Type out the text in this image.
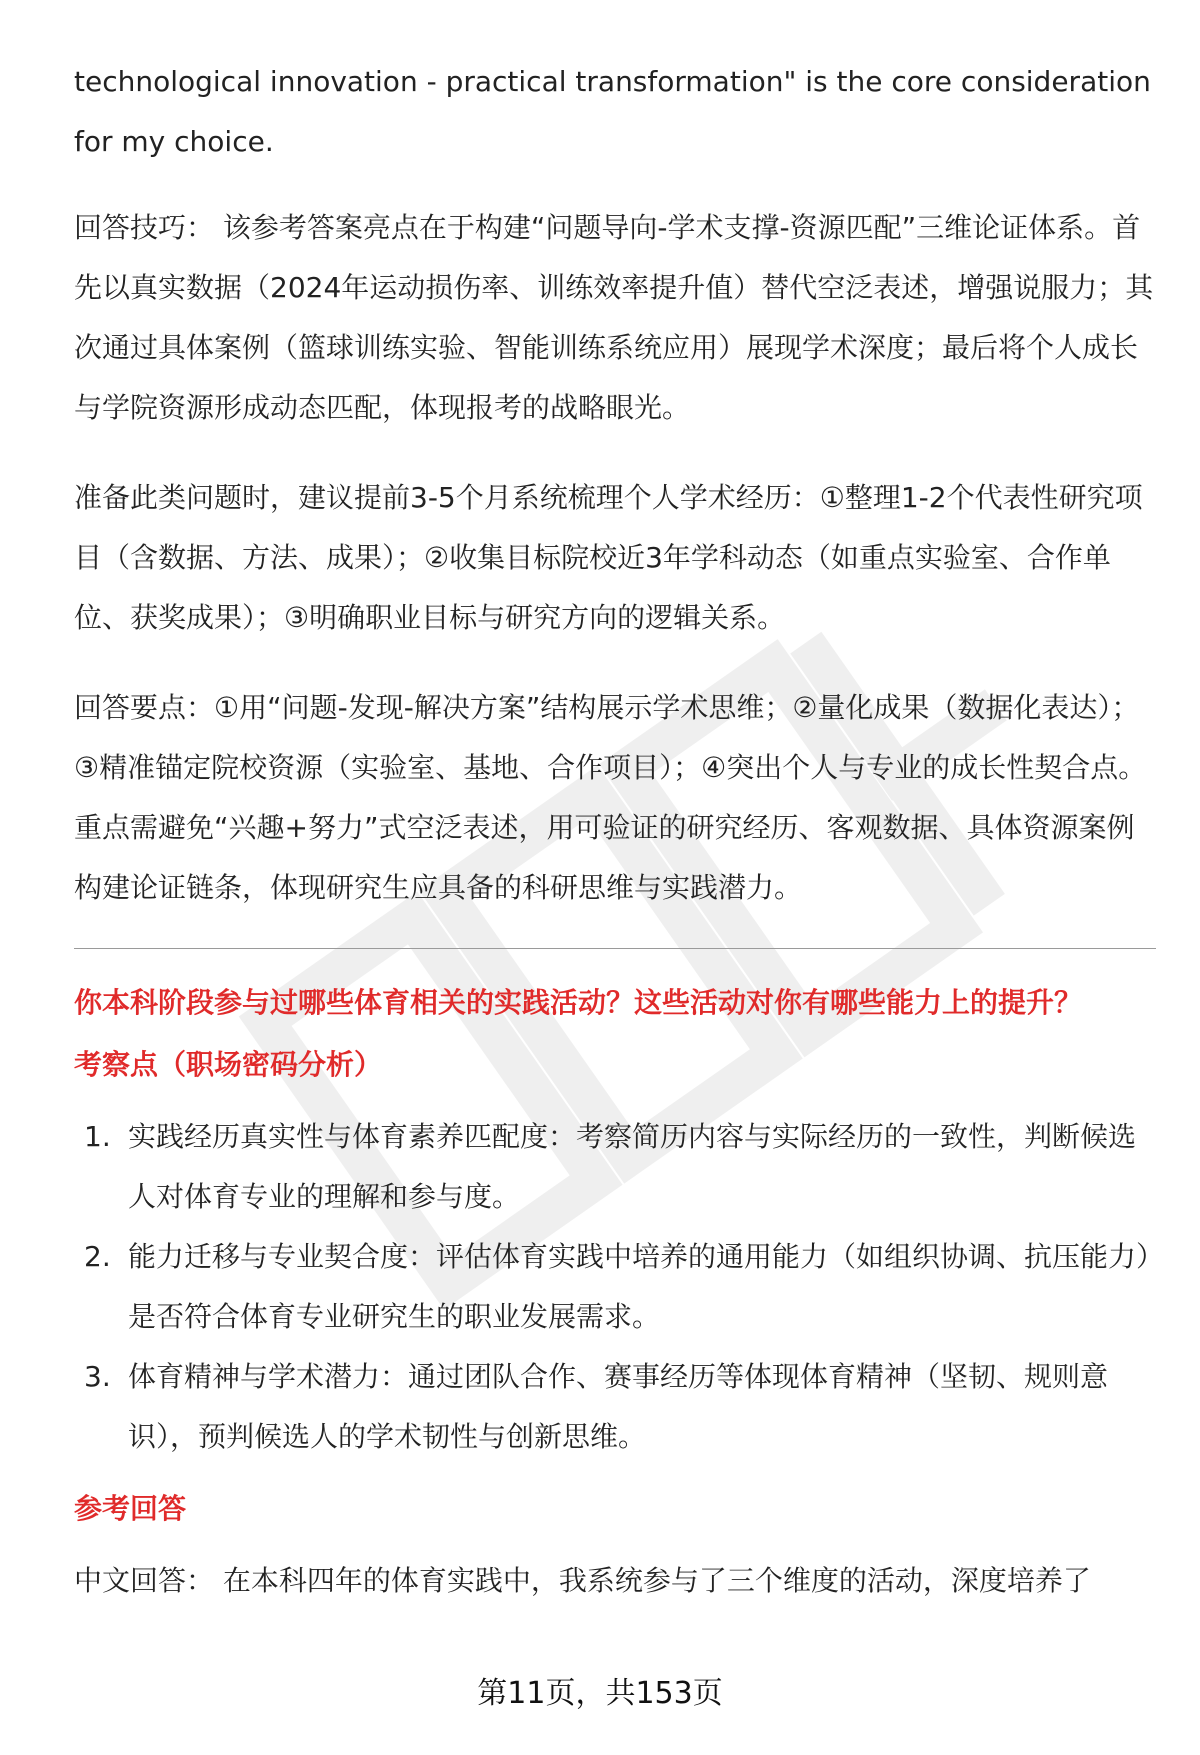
technological innovation - practical transformation" is the core consideration for my choice.

回答技巧： 该参考答案亮点在于构建“问题导向-学术支撑-资源匹配”三维论证体系。首先以真实数据（2024年运动损伤率、训练效率提升值）替代空泛表述，增强说服力；其次通过具体案例（篮球训练实验、智能训练系统应用）展现学术深度；最后将个人成长与学院资源形成动态匹配，体现报考的战略眼光。

准备此类问题时，建议提前3-5个月系统梳理个人学术经历：①整理1-2个代表性研究项目（含数据、方法、成果）；②收集目标院校近3年学科动态（如重点实验室、合作单位、获奖成果）；③明确职业目标与研究方向的逻辑关系。

回答要点：①用“问题-发现-解决方案”结构展示学术思维；②量化成果（数据化表达）；③精准锚定院校资源（实验室、基地、合作项目）；④突出个人与专业的成长性契合点。重点需避免“兴趣+努力”式空泛表述，用可验证的研究经历、客观数据、具体资源案例构建论证链条，体现研究生应具备的科研思维与实践潜力。

你本科阶段参与过哪些体育相关的实践活动？这些活动对你有哪些能力上的提升？
考察点（职场密码分析）
1. 实践经历真实性与体育素养匹配度：考察简历内容与实际经历的一致性，判断候选人对体育专业的理解和参与度。
2. 能力迁移与专业契合度：评估体育实践中培养的通用能力（如组织协调、抗压能力）是否符合体育专业研究生的职业发展需求。
3. 体育精神与学术潜力：通过团队合作、赛事经历等体现体育精神（坚韧、规则意识），预判候选人的学术韧性与创新思维。
参考回答

中文回答： 在本科四年的体育实践中，我系统参与了三个维度的活动，深度培养了

第11页，共153页
